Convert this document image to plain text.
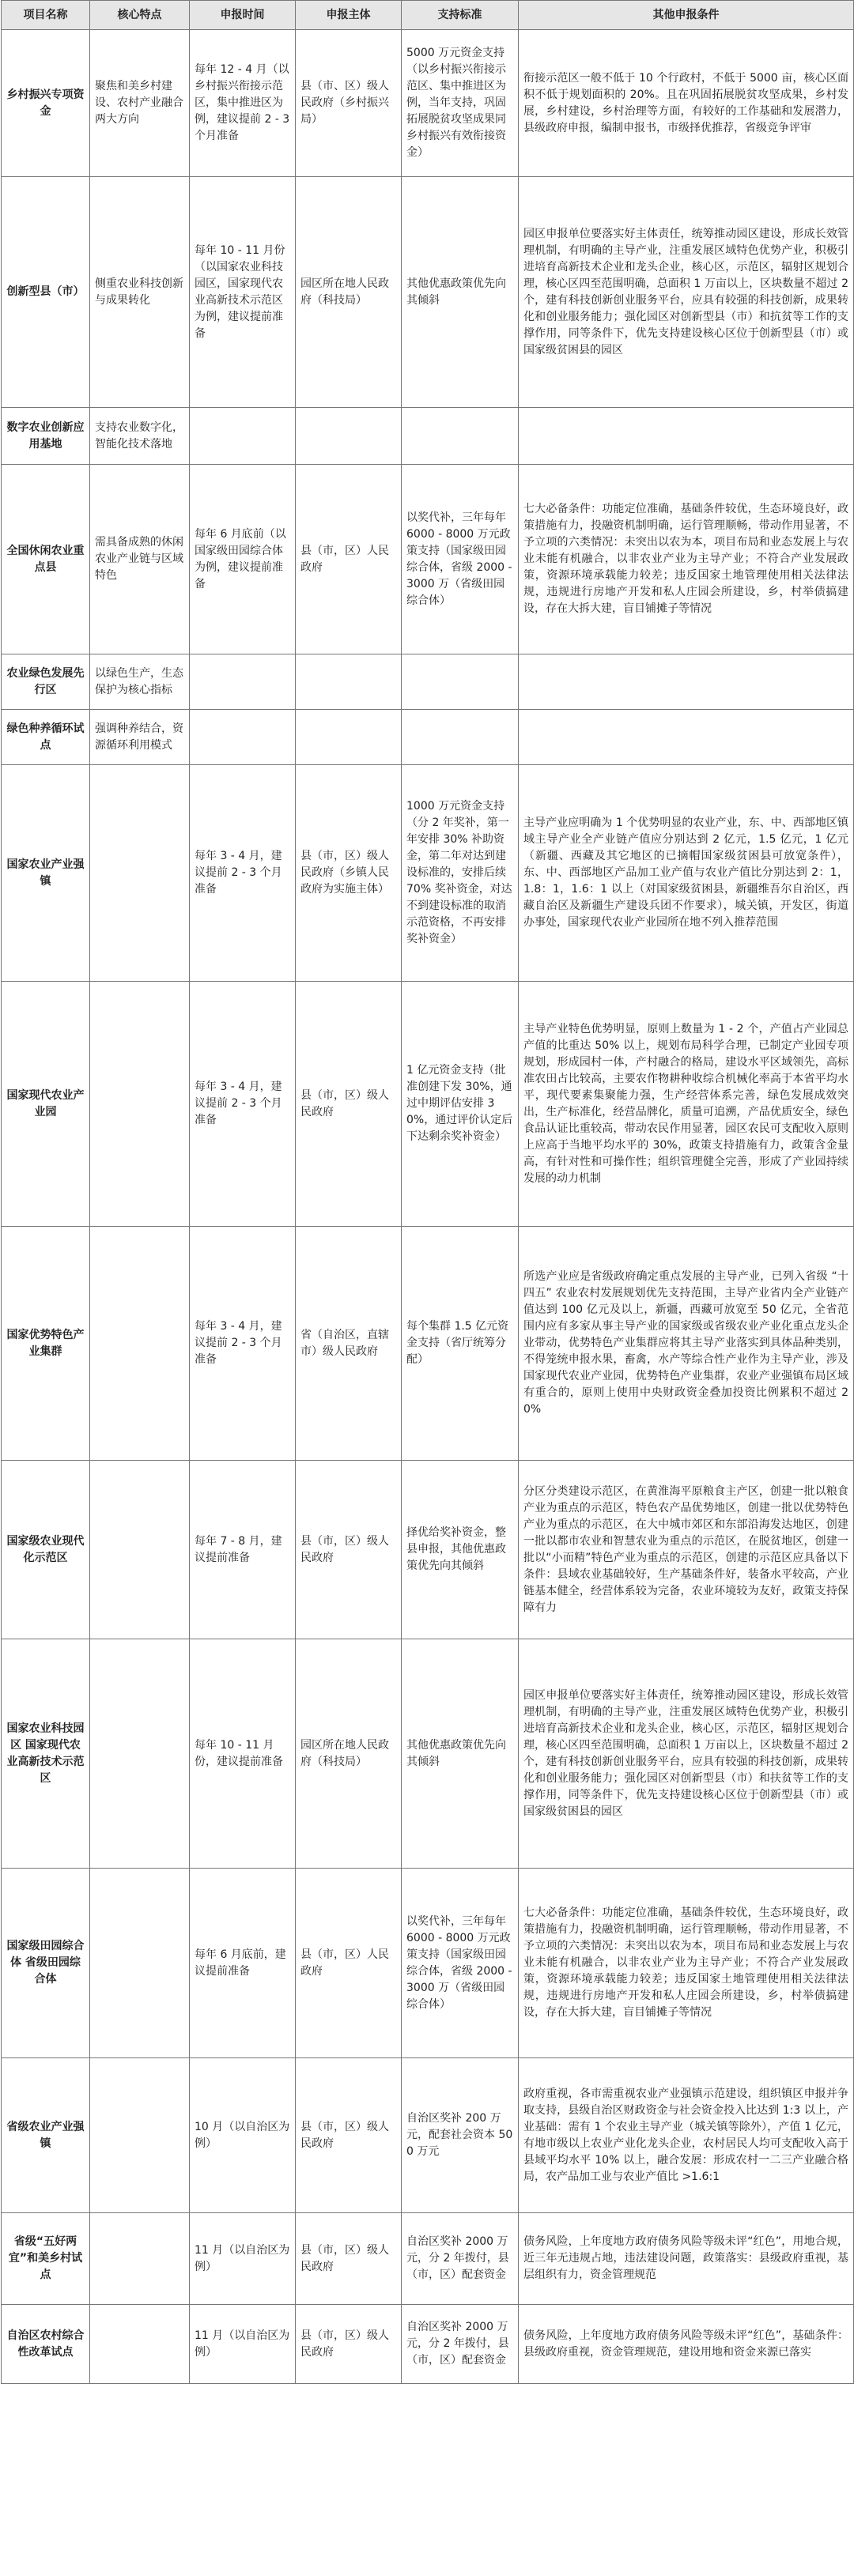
项目名称	核心特点	申报时间	申报主体	支持标准	其他申报条件
乡村振兴专项资金	聚焦和美乡村建设、农村产业融合两大方向	每年 12 - 4 月（以乡村振兴衔接示范区，集中推进区为例，建议提前 2 - 3 个月准备	县（市、区）级人民政府（乡村振兴局）	5000 万元资金支持（以乡村振兴衔接示范区、集中推进区为例，当年支持，巩固拓展脱贫攻坚成果同乡村振兴有效衔接资金）	衔接示范区一般不低于 10 个行政村，不低于 5000 亩，核心区面积不低于规划面积的 20%。且在巩固拓展脱贫攻坚成果，乡村发展，乡村建设，乡村治理等方面，有较好的工作基础和发展潜力，县级政府申报，编制申报书，市级择优推荐，省级竞争评审
创新型县（市）	侧重农业科技创新与成果转化	每年 10 - 11 月份（以国家农业科技园区，国家现代农业高新技术示范区为例，建议提前准备	园区所在地人民政府（科技局）	其他优惠政策优先向其倾斜	园区申报单位要落实好主体责任，统筹推动园区建设，形成长效管理机制，有明确的主导产业，注重发展区域特色优势产业，积极引进培育高新技术企业和龙头企业，核心区，示范区，辐射区规划合理，核心区四至范围明确，总面积 1 万亩以上，区块数量不超过 2 个，建有科技创新创业服务平台，应具有较强的科技创新，成果转化和创业服务能力；强化园区对创新型县（市）和抗贫等工作的支撑作用，同等条件下，优先支持建设核心区位于创新型县（市）或国家级贫困县的园区
数字农业创新应用基地	支持农业数字化，智能化技术落地				
全国休闲农业重点县	需具备成熟的休闲农业产业链与区域特色	每年 6 月底前（以国家级田园综合体为例，建议提前准备	县（市，区）人民政府	以奖代补，三年每年 6000 - 8000 万元政策支持（国家级田园综合体，省级 2000 - 3000 万（省级田园综合体）	七大必备条件：功能定位准确，基础条件较优，生态环境良好，政策措施有力，投融资机制明确，运行管理顺畅，带动作用显著，不予立项的六类情况：未突出以农为本，项目布局和业态发展上与农业未能有机融合，以非农业产业为主导产业；不符合产业发展政策，资源环境承载能力较差；违反国家土地管理使用相关法律法规，违规进行房地产开发和私人庄园会所建设，乡，村举债搞建设，存在大拆大建，盲目铺摊子等情况
农业绿色发展先行区	以绿色生产，生态保护为核心指标				
绿色种养循环试点	强调种养结合，资源循环利用模式				
国家农业产业强镇		每年 3 - 4 月，建议提前 2 - 3 个月准备	县（市，区）级人民政府（乡镇人民政府为实施主体）	1000 万元资金支持（分 2 年奖补，第一年安排 30% 补助资金，第二年对达到建设标准的，安排后续 70% 奖补资金，对达不到建设标准的取消示范资格，不再安排奖补资金）	主导产业应明确为 1 个优势明显的农业产业，东、中、西部地区镇域主导产业全产业链产值应分别达到 2 亿元，1.5 亿元，1 亿元（新疆、西藏及其它地区的已摘帽国家级贫困县可放宽条件），东、中、西部地区产品加工业产值与农业产值比分别达到 2：1，1.8：1，1.6：1 以上（对国家级贫困县，新疆维吾尔自治区，西藏自治区及新疆生产建设兵团不作要求），城关镇，开发区，街道办事处，国家现代农业产业园所在地不列入推荐范围
国家现代农业产业园		每年 3 - 4 月，建议提前 2 - 3 个月准备	县（市，区）级人民政府	1 亿元资金支持（批准创建下发 30%，通过中期评估安排 30%，通过评价认定后下达剩余奖补资金）	主导产业特色优势明显，原则上数量为 1 - 2 个，产值占产业园总产值的比重达 50% 以上，规划布局科学合理，已制定产业园专项规划，形成园村一体，产村融合的格局，建设水平区域领先，高标准农田占比较高，主要农作物耕种收综合机械化率高于本省平均水平，现代要素集聚能力强，生产经营体系完善，绿色发展成效突出，生产标准化，经营品牌化，质量可追溯，产品优质安全，绿色食品认证比重较高，带动农民作用显著，园区农民可支配收入原则上应高于当地平均水平的 30%，政策支持措施有力，政策含金量高，有针对性和可操作性；组织管理健全完善，形成了产业园持续发展的动力机制
国家优势特色产业集群		每年 3 - 4 月，建议提前 2 - 3 个月准备	省（自治区，直辖市）级人民政府	每个集群 1.5 亿元资金支持（省厅统筹分配）	所选产业应是省级政府确定重点发展的主导产业，已列入省级 “十四五” 农业农村发展规划优先支持范围，主导产业省内全产业链产值达到 100 亿元及以上，新疆，西藏可放宽至 50 亿元，全省范围内应有多家从事主导产业的国家级或省级农业产业化重点龙头企业带动，优势特色产业集群应将其主导产业落实到具体品种类别，不得笼统申报水果，畜禽，水产等综合性产业作为主导产业，涉及国家现代农业产业园，优势特色产业集群，农业产业强镇布局区域有重合的，原则上使用中央财政资金叠加投资比例累积不超过 20%
国家级农业现代化示范区		每年 7 - 8 月，建议提前准备	县（市，区）级人民政府	择优给奖补资金，整县申报，其他优惠政策优先向其倾斜	分区分类建设示范区，在黄淮海平原粮食主产区，创建一批以粮食产业为重点的示范区，特色农产品优势地区，创建一批以优势特色产业为重点的示范区，在大中城市郊区和东部沿海发达地区，创建一批以都市农业和智慧农业为重点的示范区，在脱贫地区，创建一批以“小而精”特色产业为重点的示范区，创建的示范区应具备以下条件：县域农业基础较好，生产基础条件好，装备水平较高，产业链基本健全，经营体系较为完备，农业环境较为友好，政策支持保障有力
国家农业科技园区 国家现代农业高新技术示范区		每年 10 - 11 月份，建议提前准备	园区所在地人民政府（科技局）	其他优惠政策优先向其倾斜	园区申报单位要落实好主体责任，统筹推动园区建设，形成长效管理机制，有明确的主导产业，注重发展区域特色优势产业，积极引进培育高新技术企业和龙头企业，核心区，示范区，辐射区规划合理，核心区四至范围明确，总面积 1 万亩以上，区块数量不超过 2 个，建有科技创新创业服务平台，应具有较强的科技创新，成果转化和创业服务能力；强化园区对创新型县（市）和扶贫等工作的支撑作用，同等条件下，优先支持建设核心区位于创新型县（市）或国家级贫困县的园区
国家级田园综合体 省级田园综合体		每年 6 月底前，建议提前准备	县（市，区）人民政府	以奖代补，三年每年 6000 - 8000 万元政策支持（国家级田园综合体，省级 2000 - 3000 万（省级田园综合体）	七大必备条件：功能定位准确，基础条件较优，生态环境良好，政策措施有力，投融资机制明确，运行管理顺畅，带动作用显著，不予立项的六类情况：未突出以农为本，项目布局和业态发展上与农业未能有机融合，以非农业产业为主导产业；不符合产业发展政策，资源环境承载能力较差；违反国家土地管理使用相关法律法规，违规进行房地产开发和私人庄园会所建设，乡，村举债搞建设，存在大拆大建，盲目铺摊子等情况
省级农业产业强镇		10 月（以自治区为例）	县（市，区）级人民政府	自治区奖补 200 万元，配套社会资本 500 万元	政府重视，各市需重视农业产业强镇示范建设，组织镇区申报并争取支持，县级自治区财政资金与社会资金投入比达到 1:3 以上，产业基础：需有 1 个农业主导产业（城关镇等除外），产值 1 亿元，有地市级以上农业产业化龙头企业，农村居民人均可支配收入高于县域平均水平 10% 以上，融合发展：形成农村一二三产业融合格局，农产品加工业与农业产值比 >1.6:1
省级“五好两宜”和美乡村试点		11 月（以自治区为例）	县（市，区）级人民政府	自治区奖补 2000 万元，分 2 年拨付，县（市，区）配套资金	债务风险，上年度地方政府债务风险等级未评“红色”，用地合规，近三年无违规占地，违法建设问题，政策落实：县级政府重视，基层组织有力，资金管理规范
自治区农村综合性改革试点		11 月（以自治区为例）	县（市，区）级人民政府	自治区奖补 2000 万元，分 2 年拨付，县（市，区）配套资金	债务风险，上年度地方政府债务风险等级未评“红色”，基础条件：县级政府重视，资金管理规范，建设用地和资金来源已落实
